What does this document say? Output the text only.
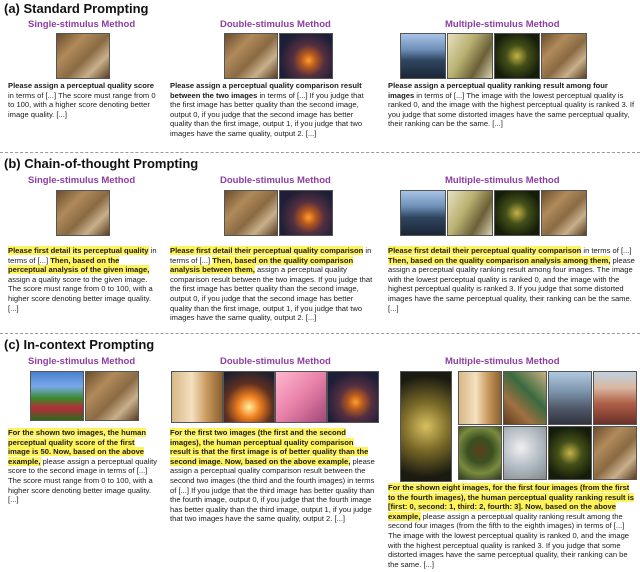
(a) Standard Prompting
Single-stimulus Method	Double-stimulus Method	Multiple-stimulus Method
Please assign a perceptual quality score in terms of [...] The score must range from 0 to 100, with a higher score denoting better image quality. [...]
Please assign a perceptual quality comparison result between the two images in terms of [...] If you judge that the first image has better quality than the second image, output 0, if you judge that the second image has better quality than the first image, output 1, if you judge that two images have the same quality, output 2. [...]
Please assign a perceptual quality ranking result among four images in terms of [...] The image with the lowest perceptual quality is ranked 0, and the image with the highest perceptual quality is ranked 3. If you judge that some distorted images have the same perceptual quality, their ranking can be the same. [...]
(b) Chain-of-thought Prompting
Single-stimulus Method	Double-stimulus Method	Multiple-stimulus Method
Please first detail its perceptual quality in terms of [...] Then, based on the perceptual analysis of the given image, assign a quality score to the given image. The score must range from 0 to 100, with a higher score denoting better image quality. [...]
Please first detail their perceptual quality comparison in terms of [...] Then, based on the quality comparison analysis between them, assign a perceptual quality comparison result between the two images. If you judge that the first image has better quality than the second image, output 0, if you judge that the second image has better quality than the first image, output 1, if you judge that two images have the same quality, output 2. [...]
Please first detail their perceptual quality comparison in terms of [...] Then, based on the quality comparison analysis among them, please assign a perceptual quality ranking result among four images. The image with the lowest perceptual quality is ranked 0, and the image with the highest perceptual quality is ranked 3. If you judge that some distorted images have the same perceptual quality, their ranking can be the same. [...]
(c) In-context Prompting
Single-stimulus Method	Double-stimulus Method	Multiple-stimulus Method
For the shown two images, the human perceptual quality score of the first image is 50. Now, based on the above example, please assign a perceptual quality score to the second image in terms of [...] The score must range from 0 to 100, with a higher score denoting better image quality. [...]
For the first two images (the first and the second images), the human perceptual quality comparison result is that the first image is of better quality than the second image. Now, based on the above example, please assign a perceptual quality comparison result between the second two images (the third and the fourth images) in terms of [...] If you judge that the third image has better quality than the fourth image, output 0, if you judge that the fourth image has better quality than the third image, output 1, if you judge that two images have the same quality, output 2. [...]
For the shown eight images, for the first four images (from the first to the fourth images), the human perceptual quality ranking result is [first: 0, second: 1, third: 2, fourth: 3]. Now, based on the above example, please assign a perceptual quality ranking result among the second four images (from the fifth to the eighth images) in terms of [...] The image with the lowest perceptual quality is ranked 0, and the image with the highest perceptual quality is ranked 3. If you judge that some distorted images have the same perceptual quality, their ranking can be the same. [...]
